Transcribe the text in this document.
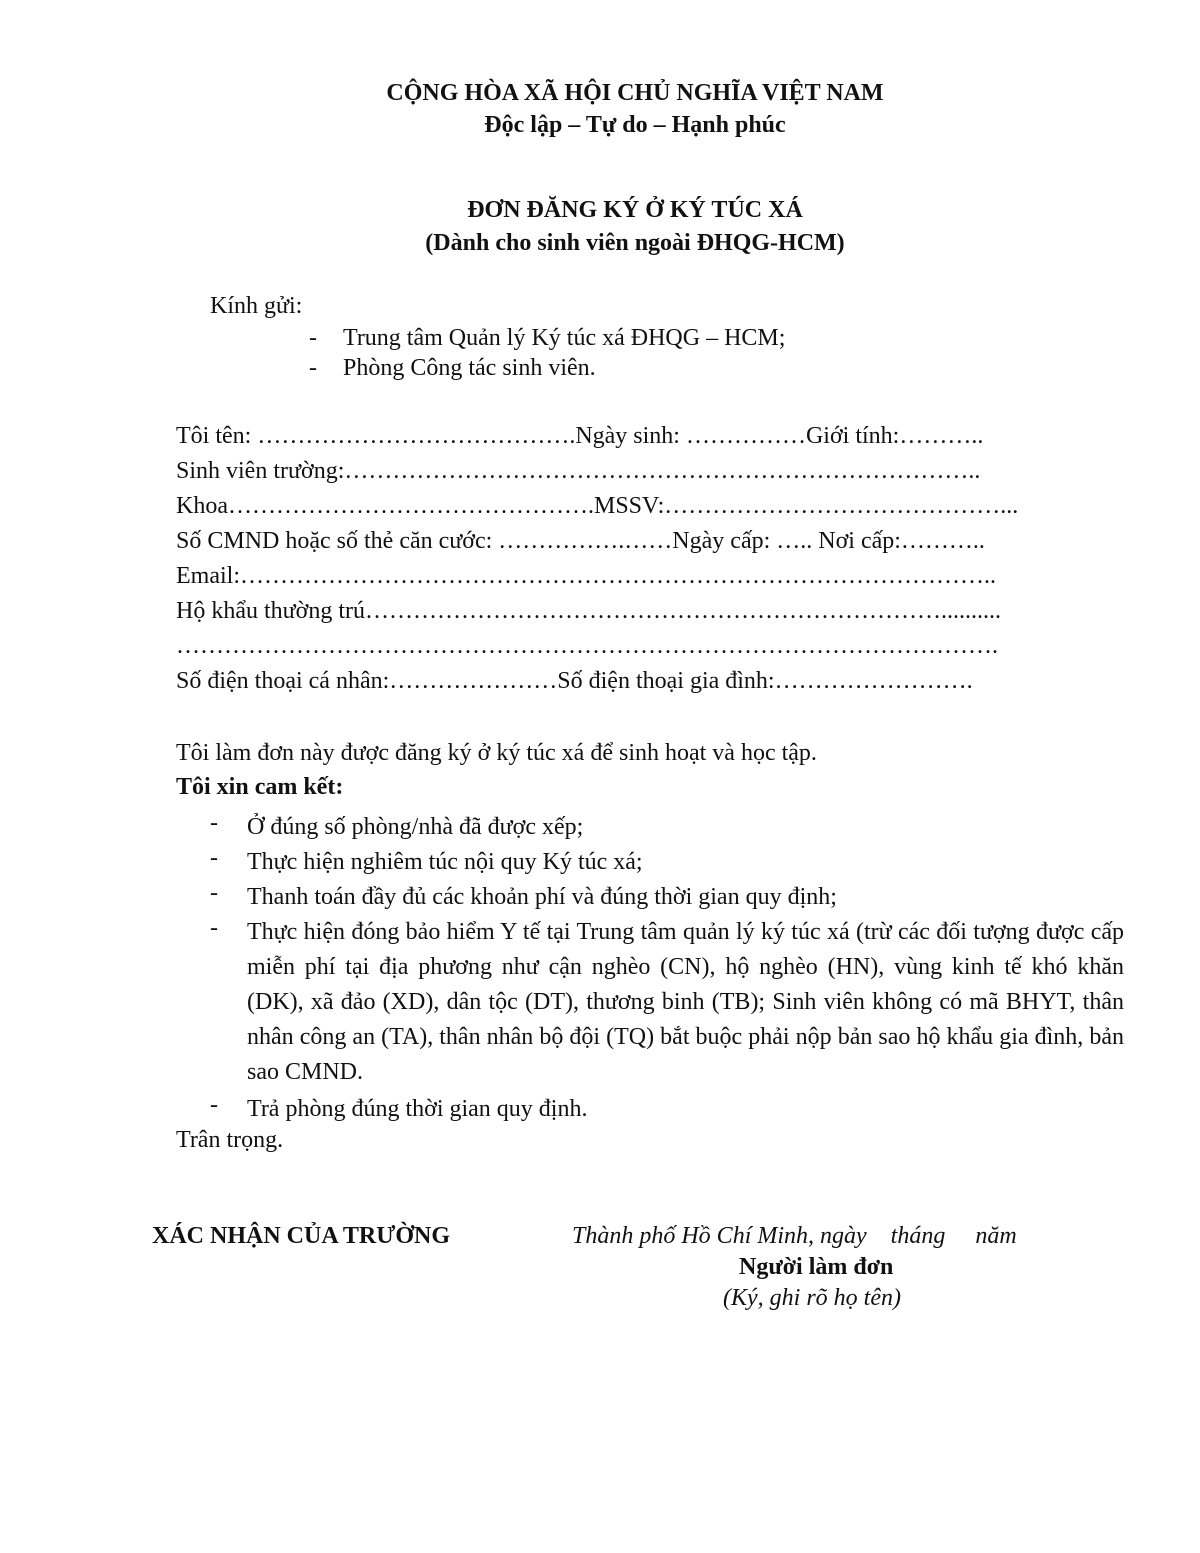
CỘNG HÒA XÃ HỘI CHỦ NGHĨA VIỆT NAM
Độc lập – Tự do – Hạnh phúc
ĐƠN ĐĂNG KÝ Ở KÝ TÚC XÁ
(Dành cho sinh viên ngoài ĐHQG-HCM)
Kính gửi:
- Trung tâm Quản lý Ký túc xá ĐHQG – HCM;
- Phòng Công tác sinh viên.
Tôi tên: ………………………………….Ngày sinh: ……………Giới tính:………..
Sinh viên trường:……………………………………………………………………..
Khoa……………………………………….MSSV:……………………………………...
Số CMND hoặc số thẻ căn cước: …………….……Ngày cấp: ….. Nơi cấp:………..
Email:…………………………………………………………………………………..
Hộ khẩu thường trú………………………………………………………………..........
………………………………………………………………………………………….
Số điện thoại cá nhân:…………………Số điện thoại gia đình:…………………….
Tôi làm đơn này được đăng ký ở ký túc xá để sinh hoạt và học tập.
Tôi xin cam kết:
- Ở đúng số phòng/nhà đã được xếp;
- Thực hiện nghiêm túc nội quy Ký túc xá;
- Thanh toán đầy đủ các khoản phí và đúng thời gian quy định;
- Thực hiện đóng bảo hiểm Y tế tại Trung tâm quản lý ký túc xá (trừ các đối tượng được cấp miễn phí tại địa phương như cận nghèo (CN), hộ nghèo (HN), vùng kinh tế khó khăn (DK), xã đảo (XD), dân tộc (DT), thương binh (TB); Sinh viên không có mã BHYT, thân nhân công an (TA), thân nhân bộ đội (TQ) bắt buộc phải nộp bản sao hộ khẩu gia đình, bản sao CMND.
- Trả phòng đúng thời gian quy định.
Trân trọng.
XÁC NHẬN CỦA TRƯỜNG	Thành phố Hồ Chí Minh, ngày    tháng     năm
Người làm đơn
(Ký, ghi rõ họ tên)
